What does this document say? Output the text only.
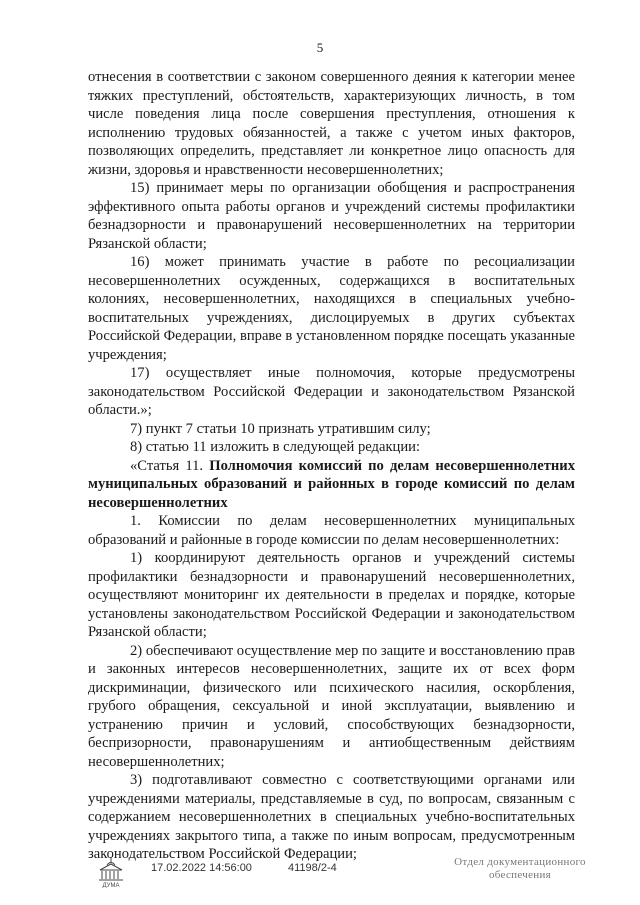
5

отнесения в соответствии с законом совершенного деяния к категории менее тяжких преступлений, обстоятельств, характеризующих личность, в том числе поведения лица после совершения преступления, отношения к исполнению трудовых обязанностей, а также с учетом иных факторов, позволяющих определить, представляет ли конкретное лицо опасность для жизни, здоровья и нравственности несовершеннолетних;

15) принимает меры по организации обобщения и распространения эффективного опыта работы органов и учреждений системы профилактики безнадзорности и правонарушений несовершеннолетних на территории Рязанской области;

16) может принимать участие в работе по ресоциализации несовершеннолетних осужденных, содержащихся в воспитательных колониях, несовершеннолетних, находящихся в специальных учебно-воспитательных учреждениях, дислоцируемых в других субъектах Российской Федерации, вправе в установленном порядке посещать указанные учреждения;

17) осуществляет иные полномочия, которые предусмотрены законодательством Российской Федерации и законодательством Рязанской области.»;

7) пункт 7 статьи 10 признать утратившим силу;

8) статью 11 изложить в следующей редакции:

«Статья 11. Полномочия комиссий по делам несовершеннолетних муниципальных образований и районных в городе комиссий по делам несовершеннолетних

1. Комиссии по делам несовершеннолетних муниципальных образований и районные в городе комиссии по делам несовершеннолетних:

1) координируют деятельность органов и учреждений системы профилактики безнадзорности и правонарушений несовершеннолетних, осуществляют мониторинг их деятельности в пределах и порядке, которые установлены законодательством Российской Федерации и законодательством Рязанской области;

2) обеспечивают осуществление мер по защите и восстановлению прав и законных интересов несовершеннолетних, защите их от всех форм дискриминации, физического или психического насилия, оскорбления, грубого обращения, сексуальной и иной эксплуатации, выявлению и устранению причин и условий, способствующих безнадзорности, беспризорности, правонарушениям и антиобщественным действиям несовершеннолетних;

3) подготавливают совместно с соответствующими органами или учреждениями материалы, представляемые в суд, по вопросам, связанным с содержанием несовершеннолетних в специальных учебно-воспитательных учреждениях закрытого типа, а также по иным вопросам, предусмотренным законодательством Российской Федерации;

ДУМА
17.02.2022 14:56:00	41198/2-4	Отдел документационного
обеспечения
